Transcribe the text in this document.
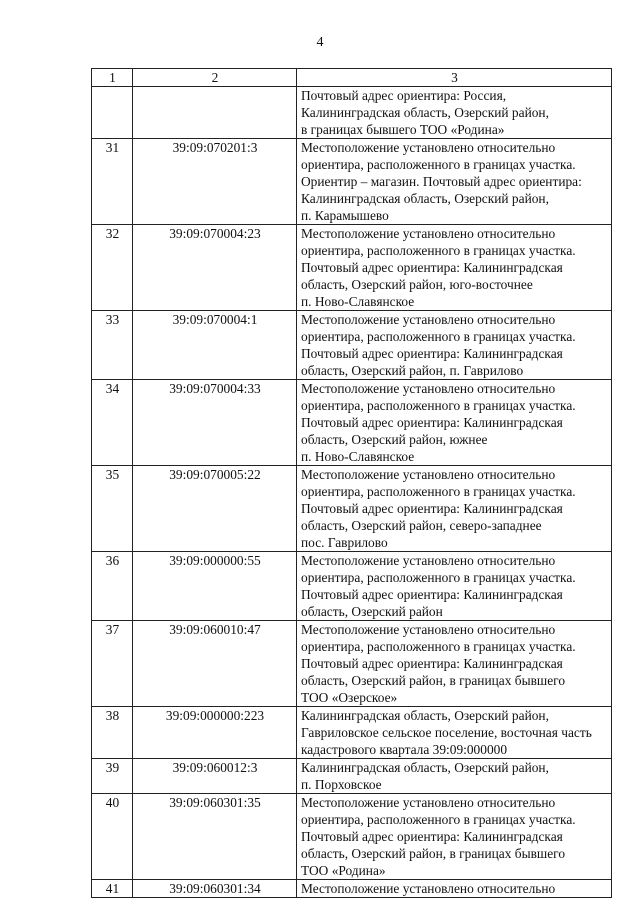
4
1	2	3

		Почтовый адрес ориентира: Россия,
Калининградская область, Озерский район,
в границах бывшего ТОО «Родина»

31	39:09:070201:3	Местоположение установлено относительно
ориентира, расположенного в границах участка.
Ориентир – магазин. Почтовый адрес ориентира:
Калининградская область, Озерский район,
п. Карамышево

32	39:09:070004:23	Местоположение установлено относительно
ориентира, расположенного в границах участка.
Почтовый адрес ориентира: Калининградская
область, Озерский район, юго-восточнее
п. Ново-Славянское

33	39:09:070004:1	Местоположение установлено относительно
ориентира, расположенного в границах участка.
Почтовый адрес ориентира: Калининградская
область, Озерский район, п. Гаврилово

34	39:09:070004:33	Местоположение установлено относительно
ориентира, расположенного в границах участка.
Почтовый адрес ориентира: Калининградская
область, Озерский район, южнее
п. Ново-Славянское

35	39:09:070005:22	Местоположение установлено относительно
ориентира, расположенного в границах участка.
Почтовый адрес ориентира: Калининградская
область, Озерский район, северо-западнее
пос. Гаврилово

36	39:09:000000:55	Местоположение установлено относительно
ориентира, расположенного в границах участка.
Почтовый адрес ориентира: Калининградская
область, Озерский район

37	39:09:060010:47	Местоположение установлено относительно
ориентира, расположенного в границах участка.
Почтовый адрес ориентира: Калининградская
область, Озерский район, в границах бывшего
ТОО «Озерское»

38	39:09:000000:223	Калининградская область, Озерский район,
Гавриловское сельское поселение, восточная часть
кадастрового квартала 39:09:000000

39	39:09:060012:3	Калининградская область, Озерский район,
п. Порховское

40	39:09:060301:35	Местоположение установлено относительно
ориентира, расположенного в границах участка.
Почтовый адрес ориентира: Калининградская
область, Озерский район, в границах бывшего
ТОО «Родина»

41	39:09:060301:34	Местоположение установлено относительно
